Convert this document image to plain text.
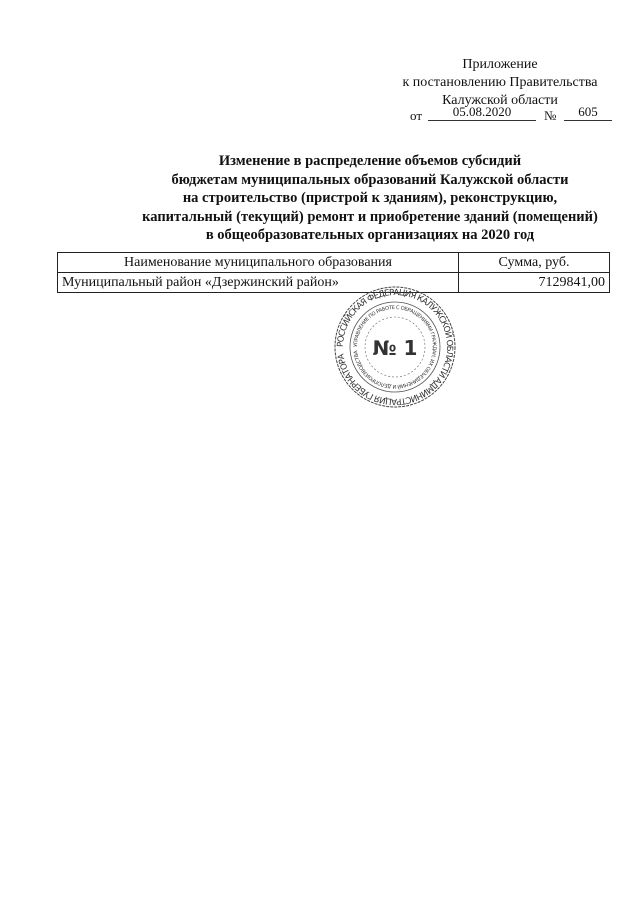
Приложение
к постановлению Правительства
Калужской области
от	05.08.2020	№	605
Изменение в распределение объемов субсидий
бюджетам муниципальных образований Калужской области
на строительство (пристрой к зданиям), реконструкцию,
капитальный (текущий) ремонт и приобретение зданий (помещений)
в общеобразовательных организациях на 2020 год
Наименование муниципального образования	Сумма, руб.
Муниципальный район «Дзержинский район»	7129841,00
РОССИЙСКАЯ ФЕДЕРАЦИЯ КАЛУЖСКОЙ ОБЛАСТИ АДМИНИСТРАЦИЯ ГУБЕРНАТОРА
УПРАВЛЕНИЕ ПО РАБОТЕ С ОБРАЩЕНИЯМИ ГРАЖДАН, ИХ ОБЪЕДИНЕНИЙ И ДЕЛОПРОИЗВОДСТВА № 1
